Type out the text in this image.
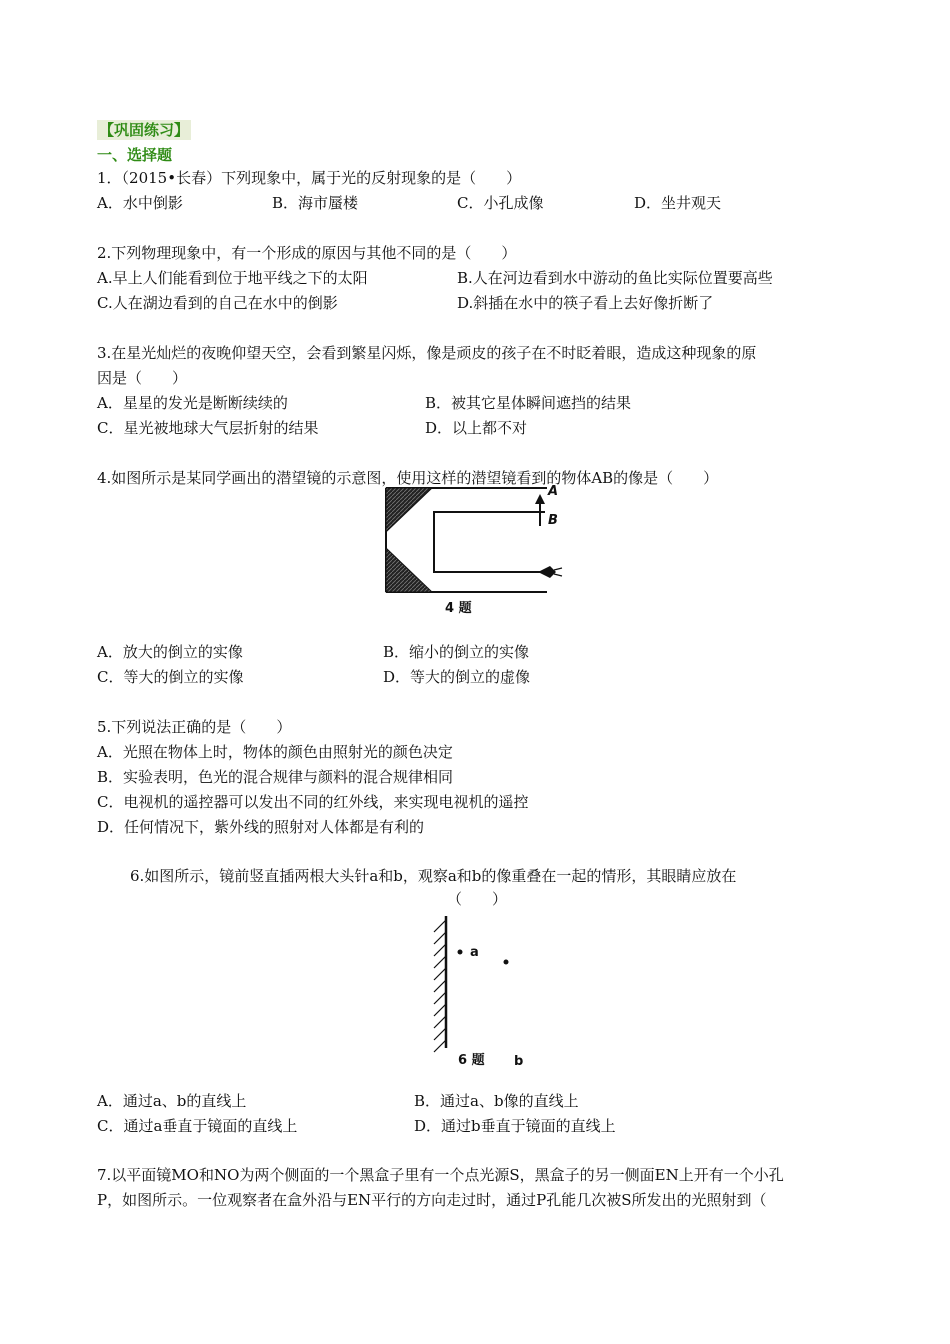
【巩固练习】
一、选择题
1．（2015•长春）下列现象中，属于光的反射现象的是（　　）
A．水中倒影	B．海市蜃楼	C．小孔成像	D．坐井观天
2.下列物理现象中，有一个形成的原因与其他不同的是（　　）
A.早上人们能看到位于地平线之下的太阳	B.人在河边看到水中游动的鱼比实际位置要高些
C.人在湖边看到的自己在水中的倒影	D.斜插在水中的筷子看上去好像折断了
3.在星光灿烂的夜晚仰望天空，会看到繁星闪烁，像是顽皮的孩子在不时眨着眼，造成这种现象的原
因是（　　）
A．星星的发光是断断续续的	B．被其它星体瞬间遮挡的结果
C．星光被地球大气层折射的结果	D．以上都不对
4.如图所示是某同学画出的潜望镜的示意图，使用这样的潜望镜看到的物体AB的像是（　　）
A
B
4 题
A．放大的倒立的实像	B．缩小的倒立的实像
C．等大的倒立的实像	D．等大的倒立的虚像
5.下列说法正确的是（　　）
A．光照在物体上时，物体的颜色由照射光的颜色决定
B．实验表明，色光的混合规律与颜料的混合规律相同
C．电视机的遥控器可以发出不同的红外线，来实现电视机的遥控
D．任何情况下，紫外线的照射对人体都是有利的
6.如图所示，镜前竖直插两根大头针a和b，观察a和b的像重叠在一起的情形，其眼睛应放在
（　　）
a
b
6 题
A．通过a、b的直线上	B．通过a、b像的直线上
C．通过a垂直于镜面的直线上	D．通过b垂直于镜面的直线上
7.以平面镜MO和NO为两个侧面的一个黑盒子里有一个点光源S，黑盒子的另一侧面EN上开有一个小孔
P，如图所示。一位观察者在盒外沿与EN平行的方向走过时，通过P孔能几次被S所发出的光照射到（
